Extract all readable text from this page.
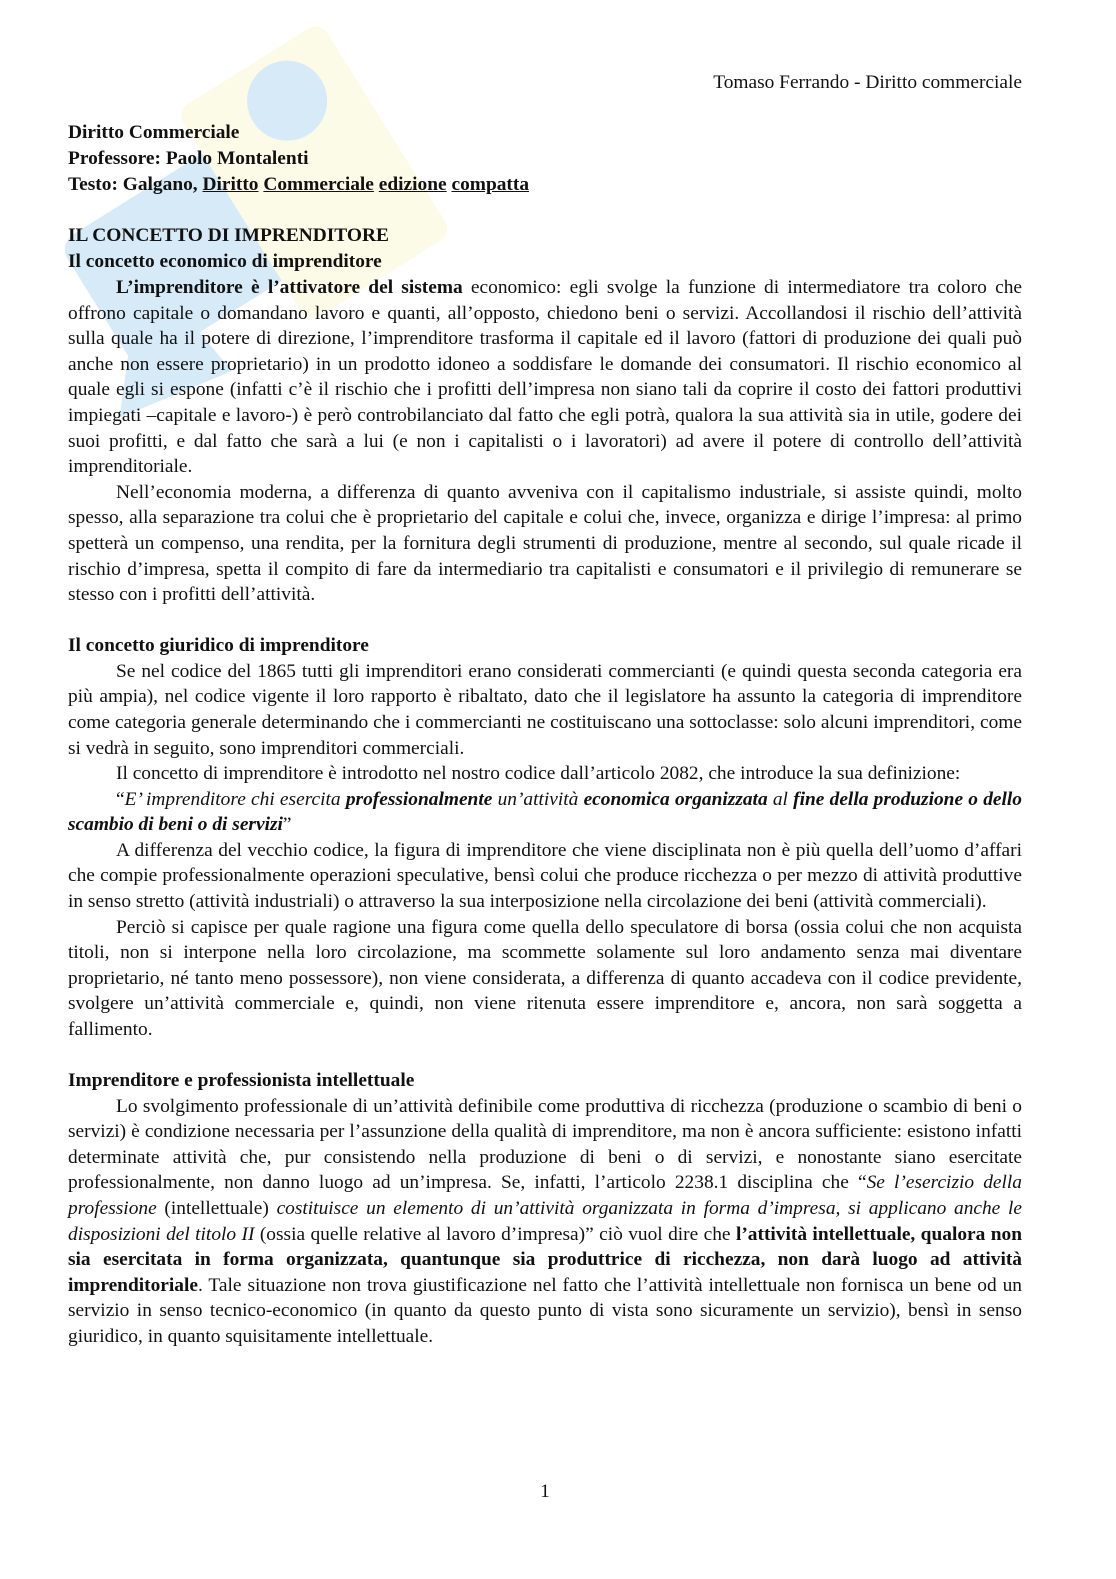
Tomaso Ferrando - Diritto commerciale
Diritto Commerciale
Professore: Paolo Montalenti
Testo: Galgano, Diritto Commerciale edizione compatta
IL CONCETTO DI IMPRENDITORE
Il concetto economico di imprenditore

L’imprenditore è l’attivatore del sistema economico: egli svolge la funzione di intermediatore tra coloro che offrono capitale o domandano lavoro e quanti, all’opposto, chiedono beni o servizi. Accollandosi il rischio dell’attività sulla quale ha il potere di direzione, l’imprenditore trasforma il capitale ed il lavoro (fattori di produzione dei quali può anche non essere proprietario) in un prodotto idoneo a soddisfare le domande dei consumatori. Il rischio economico al quale egli si espone (infatti c’è il rischio che i profitti dell’impresa non siano tali da coprire il costo dei fattori produttivi impiegati –capitale e lavoro-) è però controbilanciato dal fatto che egli potrà, qualora la sua attività sia in utile, godere dei suoi profitti, e dal fatto che sarà a lui (e non i capitalisti o i lavoratori) ad avere il potere di controllo dell’attività imprenditoriale.

Nell’economia moderna, a differenza di quanto avveniva con il capitalismo industriale, si assiste quindi, molto spesso, alla separazione tra colui che è proprietario del capitale e colui che, invece, organizza e dirige l’impresa: al primo spetterà un compenso, una rendita, per la fornitura degli strumenti di produzione, mentre al secondo, sul quale ricade il rischio d’impresa, spetta il compito di fare da intermediario tra capitalisti e consumatori e il privilegio di remunerare se stesso con i profitti dell’attività.

Il concetto giuridico di imprenditore

Se nel codice del 1865 tutti gli imprenditori erano considerati commercianti (e quindi questa seconda categoria era più ampia), nel codice vigente il loro rapporto è ribaltato, dato che il legislatore ha assunto la categoria di imprenditore come categoria generale determinando che i commercianti ne costituiscano una sottoclasse: solo alcuni imprenditori, come si vedrà in seguito, sono imprenditori commerciali.

Il concetto di imprenditore è introdotto nel nostro codice dall’articolo 2082, che introduce la sua definizione:

“E’ imprenditore chi esercita professionalmente un’attività economica organizzata al fine della produzione o dello scambio di beni o di servizi”

A differenza del vecchio codice, la figura di imprenditore che viene disciplinata non è più quella dell’uomo d’affari che compie professionalmente operazioni speculative, bensì colui che produce ricchezza o per mezzo di attività produttive in senso stretto (attività industriali) o attraverso la sua interposizione nella circolazione dei beni (attività commerciali).

Perciò si capisce per quale ragione una figura come quella dello speculatore di borsa (ossia colui che non acquista titoli, non si interpone nella loro circolazione, ma scommette solamente sul loro andamento senza mai diventare proprietario, né tanto meno possessore), non viene considerata, a differenza di quanto accadeva con il codice previdente, svolgere un’attività commerciale e, quindi, non viene ritenuta essere imprenditore e, ancora, non sarà soggetta a fallimento.

Imprenditore e professionista intellettuale

Lo svolgimento professionale di un’attività definibile come produttiva di ricchezza (produzione o scambio di beni o servizi) è condizione necessaria per l’assunzione della qualità di imprenditore, ma non è ancora sufficiente: esistono infatti determinate attività che, pur consistendo nella produzione di beni o di servizi, e nonostante siano esercitate professionalmente, non danno luogo ad un’impresa. Se, infatti, l’articolo 2238.1 disciplina che “Se l’esercizio della professione (intellettuale) costituisce un elemento di un’attività organizzata in forma d’impresa, si applicano anche le disposizioni del titolo II (ossia quelle relative al lavoro d’impresa)” ciò vuol dire che l’attività intellettuale, qualora non sia esercitata in forma organizzata, quantunque sia produttrice di ricchezza, non darà luogo ad attività imprenditoriale. Tale situazione non trova giustificazione nel fatto che l’attività intellettuale non fornisca un bene od un servizio in senso tecnico-economico (in quanto da questo punto di vista sono sicuramente un servizio), bensì in senso giuridico, in quanto squisitamente intellettuale.

1
